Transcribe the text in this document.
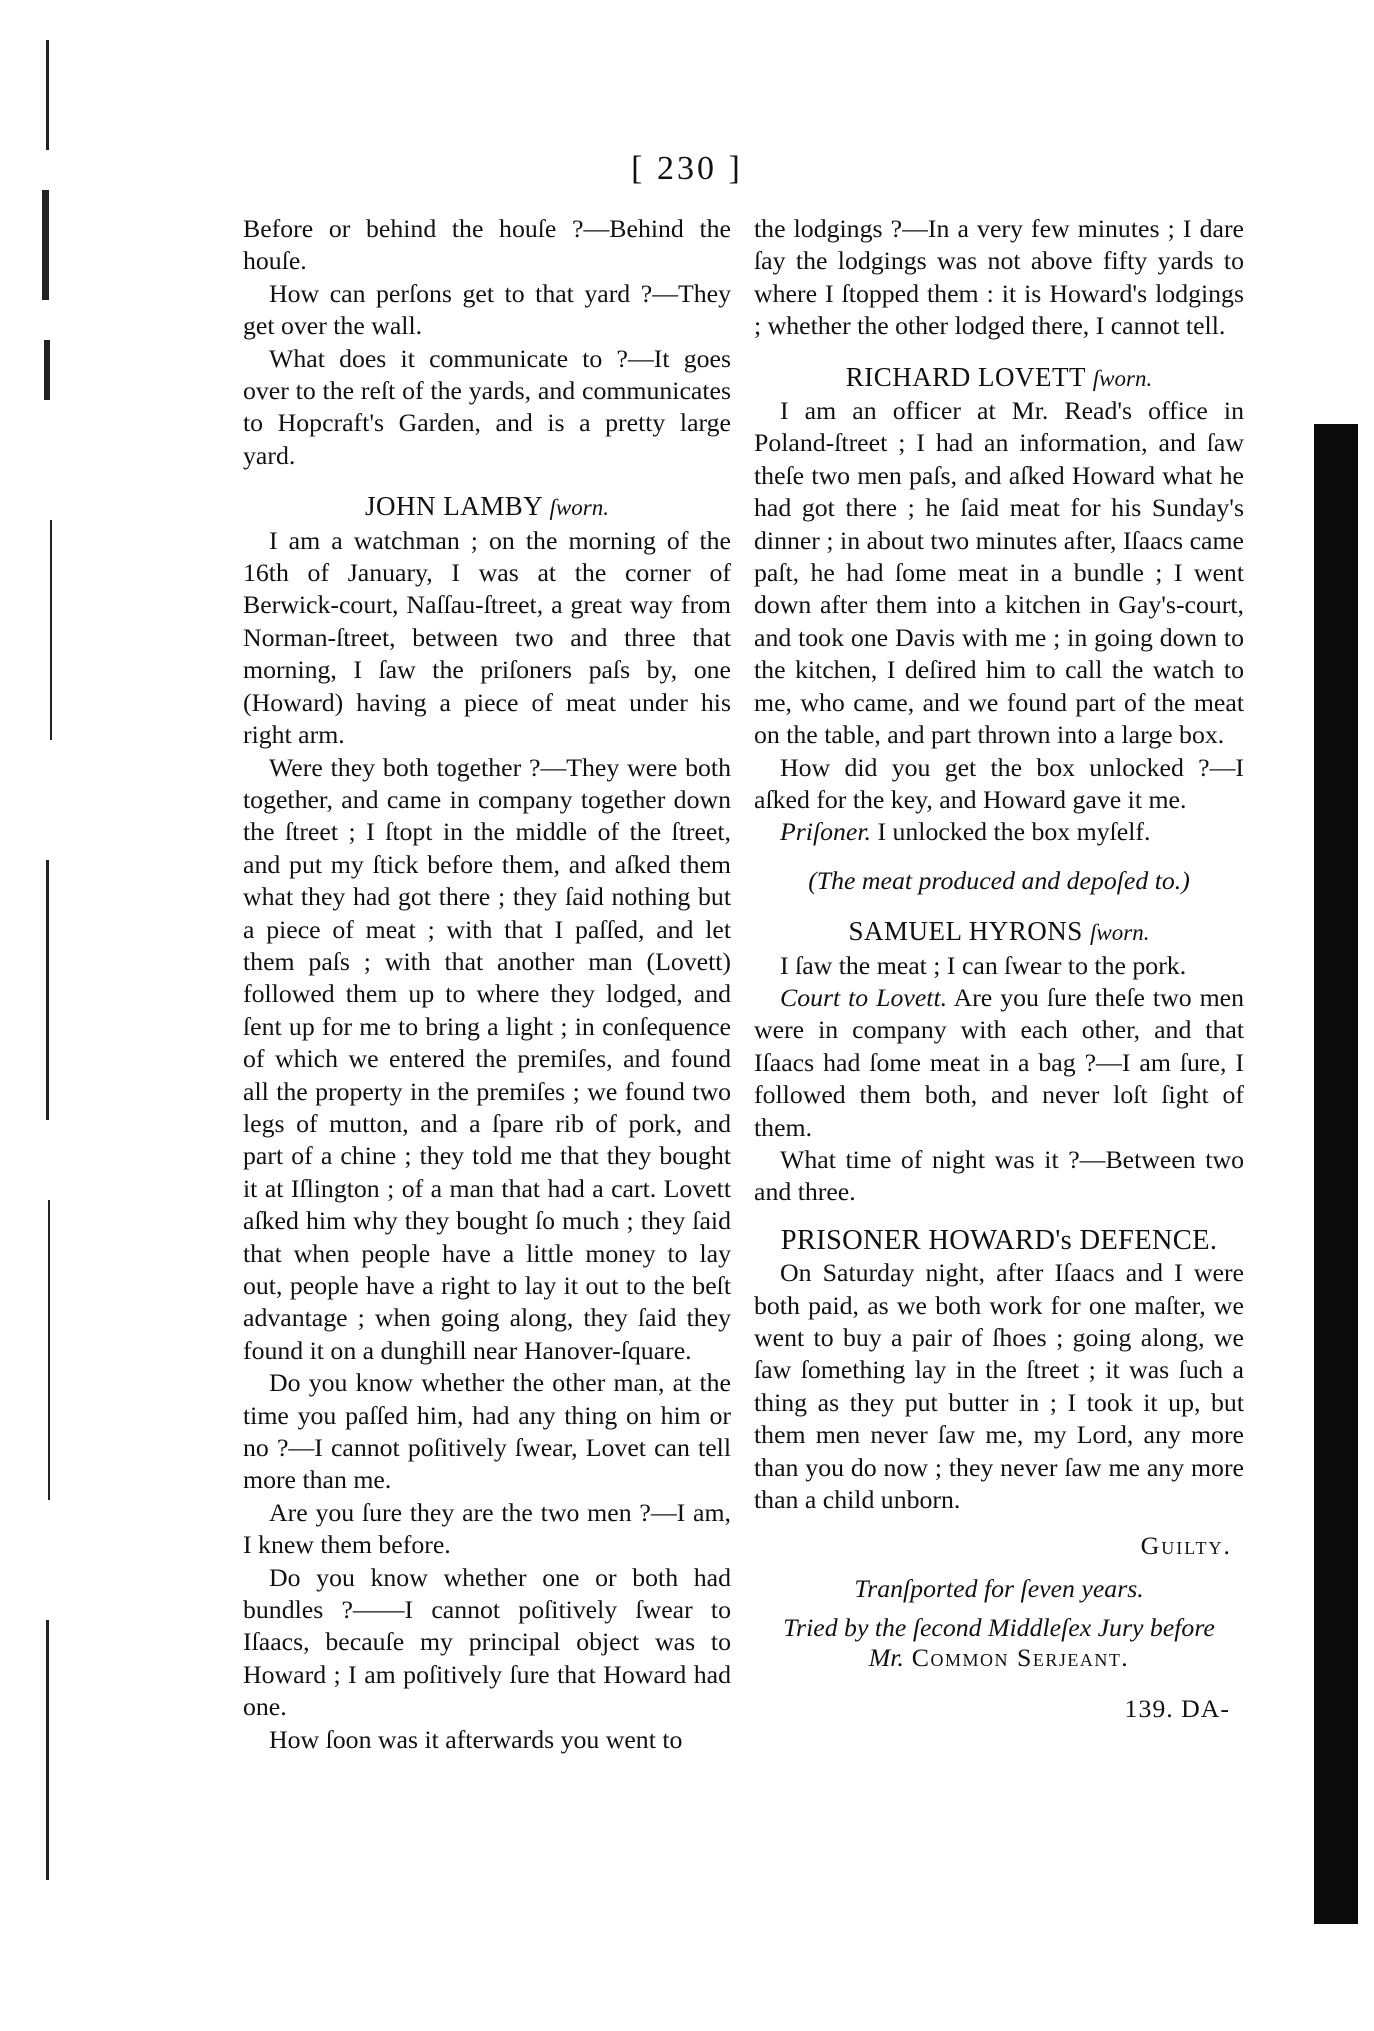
[ 230 ]

Before or behind the houſe ?—Behind the houſe.

How can perſons get to that yard ?—They get over the wall.

What does it communicate to ?—It goes over to the reſt of the yards, and communicates to Hopcraft's Garden, and is a pretty large yard.

JOHN LAMBY ſworn.

I am a watchman ; on the morning of the 16th of January, I was at the corner of Berwick-court, Naſſau-ſtreet, a great way from Norman-ſtreet, between two and three that morning, I ſaw the priſoners paſs by, one (Howard) having a piece of meat under his right arm.

Were they both together ?—They were both together, and came in company together down the ſtreet ; I ſtopt in the middle of the ſtreet, and put my ſtick before them, and aſked them what they had got there ; they ſaid nothing but a piece of meat ; with that I paſſed, and let them paſs ; with that another man (Lovett) followed them up to where they lodged, and ſent up for me to bring a light ; in conſequence of which we entered the premiſes, and found all the property in the premiſes ; we found two legs of mutton, and a ſpare rib of pork, and part of a chine ; they told me that they bought it at Iſlington ; of a man that had a cart. Lovett aſked him why they bought ſo much ; they ſaid that when people have a little money to lay out, people have a right to lay it out to the beſt advantage ; when going along, they ſaid they found it on a dunghill near Hanover-ſquare.

Do you know whether the other man, at the time you paſſed him, had any thing on him or no ?—I cannot poſitively ſwear, Lovet can tell more than me.

Are you ſure they are the two men ?—I am, I knew them before.

Do you know whether one or both had bundles ?——I cannot poſitively ſwear to Iſaacs, becauſe my principal object was to Howard ; I am poſitively ſure that Howard had one.

How ſoon was it afterwards you went to

the lodgings ?—In a very few minutes ; I dare ſay the lodgings was not above fifty yards to where I ſtopped them : it is Howard's lodgings ; whether the other lodged there, I cannot tell.

RICHARD LOVETT ſworn.

I am an officer at Mr. Read's office in Poland-ſtreet ; I had an information, and ſaw theſe two men paſs, and aſked Howard what he had got there ; he ſaid meat for his Sunday's dinner ; in about two minutes after, Iſaacs came paſt, he had ſome meat in a bundle ; I went down after them into a kitchen in Gay's-court, and took one Davis with me ; in going down to the kitchen, I deſired him to call the watch to me, who came, and we found part of the meat on the table, and part thrown into a large box.

How did you get the box unlocked ?—I aſked for the key, and Howard gave it me.

Priſoner. I unlocked the box myſelf.

(The meat produced and depoſed to.)
SAMUEL HYRONS ſworn.

I ſaw the meat ; I can ſwear to the pork.

Court to Lovett. Are you ſure theſe two men were in company with each other, and that Iſaacs had ſome meat in a bag ?—I am ſure, I followed them both, and never loſt ſight of them.

What time of night was it ?—Between two and three.

PRISONER HOWARD's DEFENCE.

On Saturday night, after Iſaacs and I were both paid, as we both work for one maſter, we went to buy a pair of ſhoes ; going along, we ſaw ſomething lay in the ſtreet ; it was ſuch a thing as they put butter in ; I took it up, but them men never ſaw me, my Lord, any more than you do now ; they never ſaw me any more than a child unborn.

Guilty.
Tranſported for ſeven years.
Tried by the ſecond Middleſex Jury before
Mr. Common Serjeant.
139. DA-
